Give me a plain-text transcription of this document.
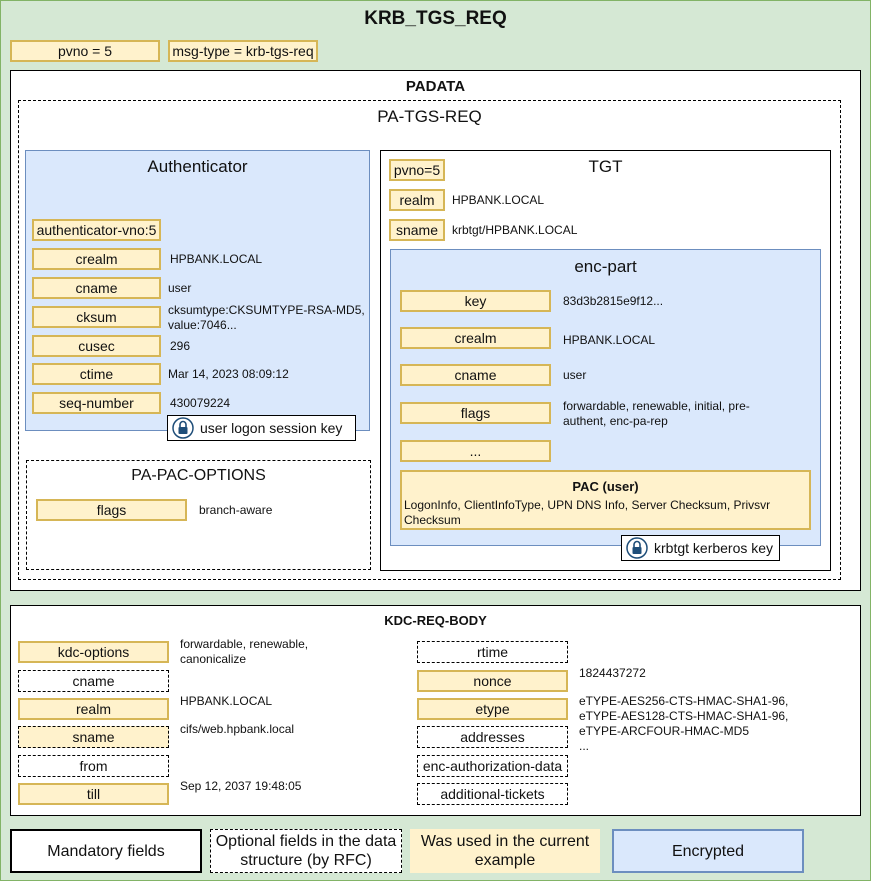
KRB_TGS_REQ
pvno = 5	msg-type = krb-tgs-req
PADATA
PA-TGS-REQ
Authenticator
authenticator-vno:5
crealm	HPBANK.LOCAL
cname	user
cksum	cksumtype:CKSUMTYPE-RSA-MD5,
value:7046...
cusec	296
ctime	Mar 14, 2023 08:09:12
seq-number	430079224
user logon session key
PA-PAC-OPTIONS
flags	branch-aware
TGT
pvno=5
realm	HPBANK.LOCAL
sname	krbtgt/HPBANK.LOCAL
enc-part
key	83d3b2815e9f12...
crealm	HPBANK.LOCAL
cname	user
flags	forwardable, renewable, initial, pre-
authent, enc-pa-rep
...
PAC (user)
LogonInfo, ClientInfoType, UPN DNS Info, Server Checksum, Privsvr Checksum
krbtgt kerberos key
KDC-REQ-BODY
Mandatory fields
Optional fields in the data structure (by RFC)
Was used in the current example
Encrypted
kdc-options	forwardable, renewable,
canonicalize
cname
realm	HPBANK.LOCAL
sname	cifs/web.hpbank.local
from
till	Sep 12, 2037 19:48:05
rtime
nonce	1824437272
etype	eTYPE-AES256-CTS-HMAC-SHA1-96,
eTYPE-AES128-CTS-HMAC-SHA1-96,
eTYPE-ARCFOUR-HMAC-MD5
...
addresses
enc-authorization-data
additional-tickets
